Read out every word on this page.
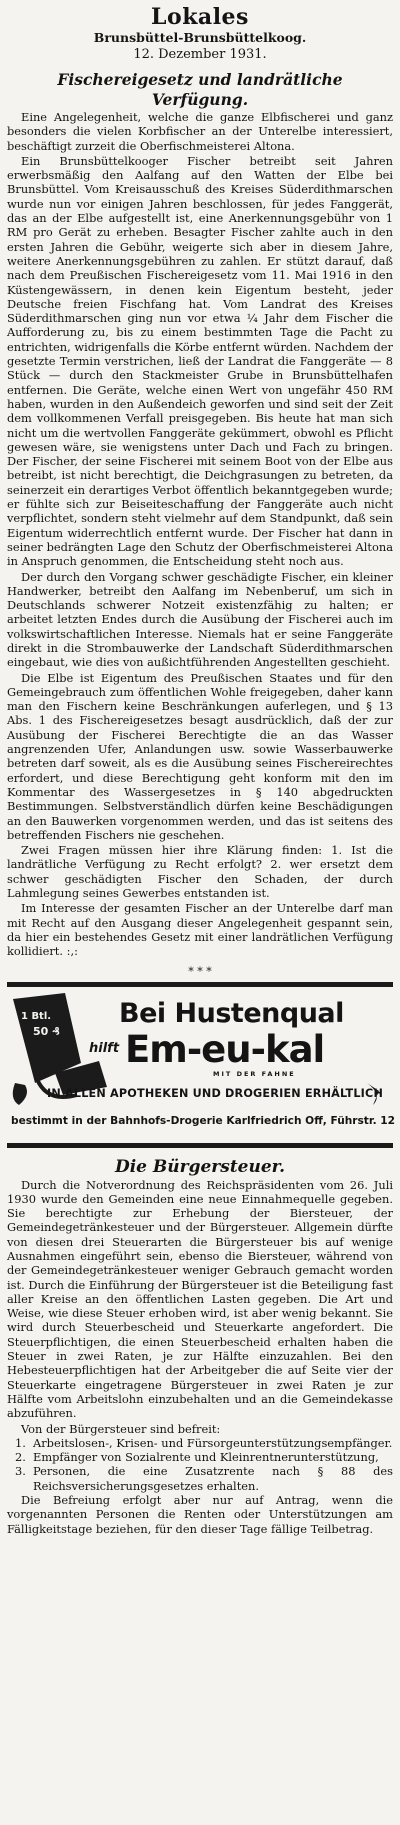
Lokales
Brunsbüttel-Brunsbüttelkoog.
12. Dezember 1931.
Fischereigesetz und landrätliche Verfügung.

Eine Angelegenheit, welche die ganze Elbfischerei und ganz besonders die vielen Korbfischer an der Unterelbe interessiert, beschäftigt zurzeit die Oberfischmeisterei Altona.

Ein Brunsbüttelkooger Fischer betreibt seit Jahren erwerbsmäßig den Aalfang auf den Watten der Elbe bei Brunsbüttel. Vom Kreisausschuß des Kreises Süderdithmarschen wurde nun vor einigen Jahren beschlossen, für jedes Fanggerät, das an der Elbe aufgestellt ist, eine Anerkennungsgebühr von 1 RM pro Gerät zu erheben. Besagter Fischer zahlte auch in den ersten Jahren die Gebühr, weigerte sich aber in diesem Jahre, weitere Anerkennungsgebühren zu zahlen. Er stützt darauf, daß nach dem Preußischen Fischereigesetz vom 11. Mai 1916 in den Küstengewässern, in denen kein Eigentum besteht, jeder Deutsche freien Fischfang hat. Vom Landrat des Kreises Süderdithmarschen ging nun vor etwa ¼ Jahr dem Fischer die Aufforderung zu, bis zu einem bestimmten Tage die Pacht zu entrichten, widrigenfalls die Körbe entfernt würden. Nachdem der gesetzte Termin verstrichen, ließ der Landrat die Fanggeräte — 8 Stück — durch den Stackmeister Grube in Brunsbüttelhafen entfernen. Die Geräte, welche einen Wert von ungefähr 450 RM haben, wurden in den Außendeich geworfen und sind seit der Zeit dem vollkommenen Verfall preisgegeben. Bis heute hat man sich nicht um die wertvollen Fanggeräte gekümmert, obwohl es Pflicht gewesen wäre, sie wenigstens unter Dach und Fach zu bringen. Der Fischer, der seine Fischerei mit seinem Boot von der Elbe aus betreibt, ist nicht berechtigt, die Deichgrasungen zu betreten, da seinerzeit ein derartiges Verbot öffentlich bekanntgegeben wurde; er fühlte sich zur Beiseiteschaffung der Fanggeräte auch nicht verpflichtet, sondern steht vielmehr auf dem Standpunkt, daß sein Eigentum widerrechtlich entfernt wurde. Der Fischer hat dann in seiner bedrängten Lage den Schutz der Oberfischmeisterei Altona in Anspruch genommen, die Entscheidung steht noch aus.

Der durch den Vorgang schwer geschädigte Fischer, ein kleiner Handwerker, betreibt den Aalfang im Nebenberuf, um sich in Deutschlands schwerer Notzeit existenzfähig zu halten; er arbeitet letzten Endes durch die Ausübung der Fischerei auch im volkswirtschaftlichen Interesse. Niemals hat er seine Fanggeräte direkt in die Strombauwerke der Landschaft Süderdithmarschen eingebaut, wie dies von außichtführenden Angestellten geschieht.

Die Elbe ist Eigentum des Preußischen Staates und für den Gemeingebrauch zum öffentlichen Wohle freigegeben, daher kann man den Fischern keine Beschränkungen auferlegen, und § 13 Abs. 1 des Fischereigesetzes besagt ausdrücklich, daß der zur Ausübung der Fischerei Berechtigte die an das Wasser angrenzenden Ufer, Anlandungen usw. sowie Wasserbauwerke betreten darf soweit, als es die Ausübung seines Fischereirechtes erfordert, und diese Berechtigung geht konform mit den im Kommentar des Wassergesetzes in § 140 abgedruckten Bestimmungen. Selbstverständlich dürfen keine Beschädigungen an den Bauwerken vorgenommen werden, und das ist seitens des betreffenden Fischers nie geschehen.

Zwei Fragen müssen hier ihre Klärung finden: 1. Ist die landrätliche Verfügung zu Recht erfolgt? 2. wer ersetzt dem schwer geschädigten Fischer den Schaden, der durch Lahmlegung seines Gewerbes entstanden ist.

Im Interesse der gesamten Fischer an der Unterelbe darf man mit Recht auf den Ausgang dieser Angelegenheit gespannt sein, da hier ein bestehendes Gesetz mit einer landrätlichen Verfügung kollidiert. :,:

* * *
1 Btl.
50 ₰
Bei Hustenqual
hilft Em-eu-kal
MIT DER FAHNE
IN ALLEN APOTHEKEN UND DROGERIEN ERHÄLTLICH
bestimmt in der Bahnhofs-Drogerie Karlfriedrich Off, Führstr. 12
Die Bürgersteuer.

Durch die Notverordnung des Reichspräsidenten vom 26. Juli 1930 wurde den Gemeinden eine neue Einnahmequelle gegeben. Sie berechtigte zur Erhebung der Biersteuer, der Gemeindegetränkesteuer und der Bürgersteuer. Allgemein dürfte von diesen drei Steuerarten die Bürgersteuer bis auf wenige Ausnahmen eingeführt sein, ebenso die Biersteuer, während von der Gemeindegetränkesteuer weniger Gebrauch gemacht worden ist. Durch die Einführung der Bürgersteuer ist die Beteiligung fast aller Kreise an den öffentlichen Lasten gegeben. Die Art und Weise, wie diese Steuer erhoben wird, ist aber wenig bekannt. Sie wird durch Steuerbescheid und Steuerkarte angefordert. Die Steuerpflichtigen, die einen Steuerbescheid erhalten haben die Steuer in zwei Raten, je zur Hälfte einzuzahlen. Bei den Hebesteuerpflichtigen hat der Arbeitgeber die auf Seite vier der Steuerkarte eingetragene Bürgersteuer in zwei Raten je zur Hälfte vom Arbeitslohn einzubehalten und an die Gemeindekasse abzuführen.

Von der Bürgersteuer sind befreit:

1. Arbeitslosen-, Krisen- und Fürsorgeunterstützungsempfänger.
2. Empfänger von Sozialrente und Kleinrentnerunterstützung,
3. Personen, die eine Zusatzrente nach § 88 des Reichsversicherungsgesetzes erhalten.

Die Befreiung erfolgt aber nur auf Antrag, wenn die vorgenannten Personen die Renten oder Unterstützungen am Fälligkeitstage beziehen, für den dieser Tage fällige Teilbetrag.
